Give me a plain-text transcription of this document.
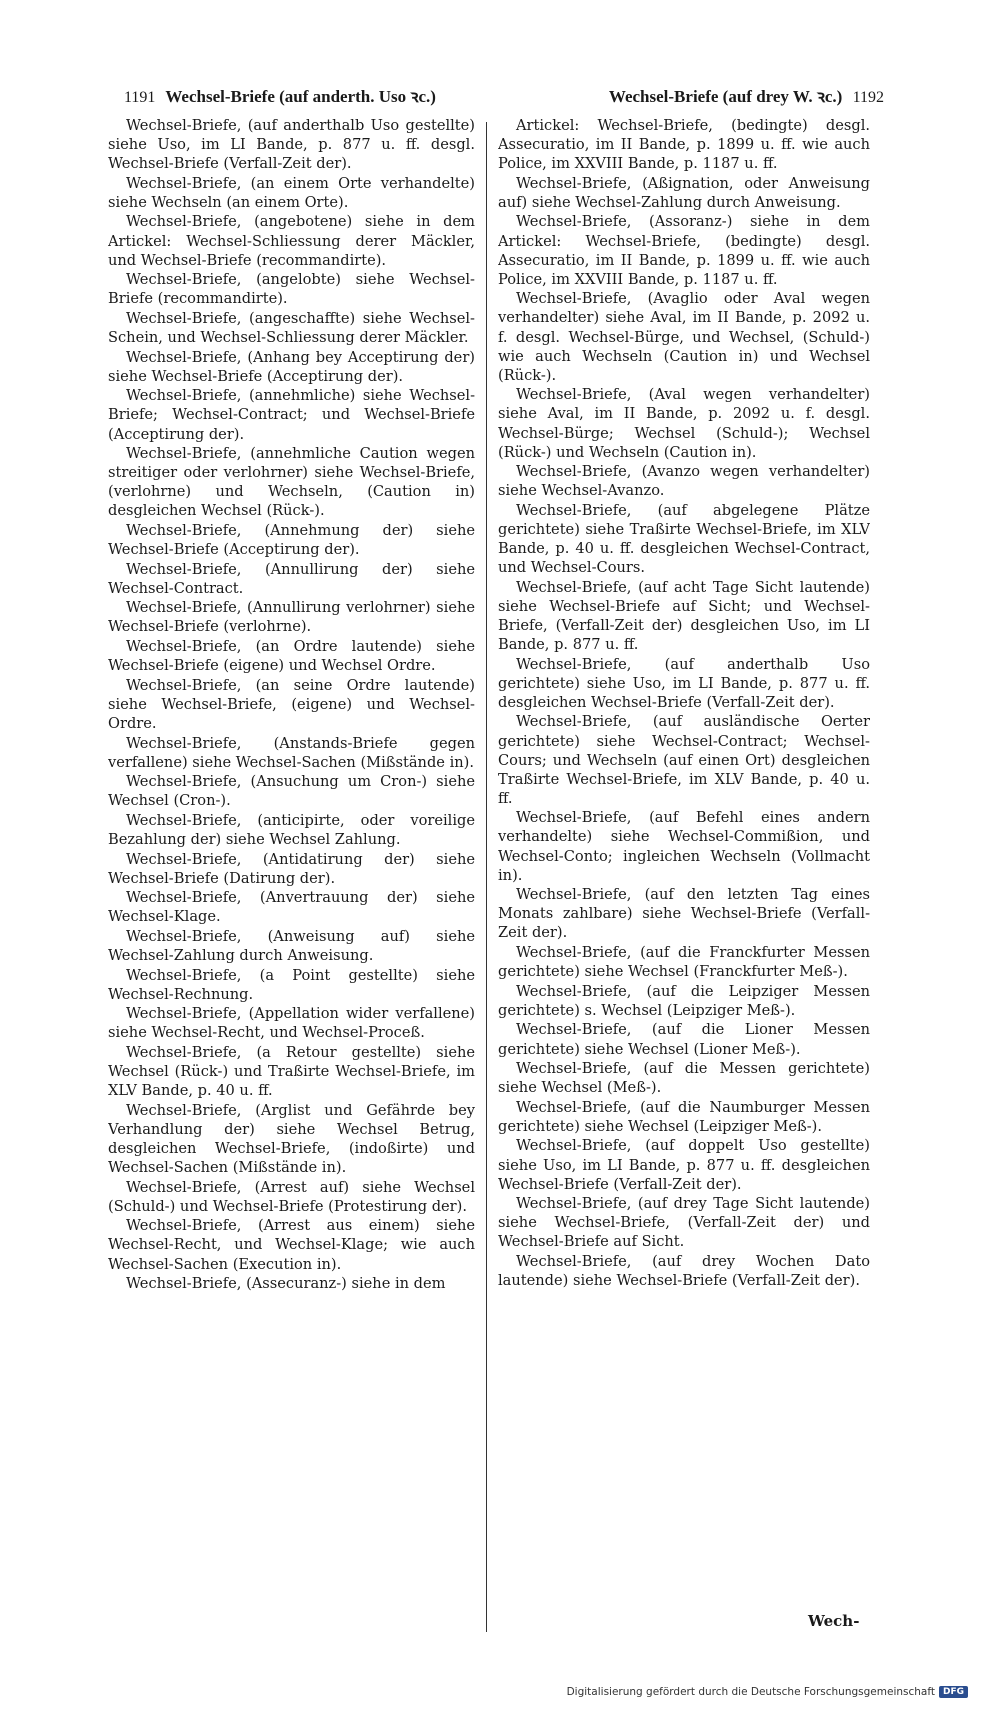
1191 Wechsel-Briefe (auf anderth. Uso ꝛc.)	Wechsel-Briefe (auf drey W. ꝛc.) 1192

Wechsel-Briefe, (auf anderthalb Uso gestellte) siehe Uso, im LI Bande, p. 877 u. ff. desgl. Wechsel-Briefe (Verfall-Zeit der).

Wechsel-Briefe, (an einem Orte verhandelte) siehe Wechseln (an einem Orte).

Wechsel-Briefe, (angebotene) siehe in dem Artickel: Wechsel-Schliessung derer Mäckler, und Wechsel-Briefe (recommandirte).

Wechsel-Briefe, (angelobte) siehe Wechsel-Briefe (recommandirte).

Wechsel-Briefe, (angeschaffte) siehe Wechsel-Schein, und Wechsel-Schliessung derer Mäckler.

Wechsel-Briefe, (Anhang bey Acceptirung der) siehe Wechsel-Briefe (Acceptirung der).

Wechsel-Briefe, (annehmliche) siehe Wechsel-Briefe; Wechsel-Contract; und Wechsel-Briefe (Acceptirung der).

Wechsel-Briefe, (annehmliche Caution wegen streitiger oder verlohrner) siehe Wechsel-Briefe, (verlohrne) und Wechseln, (Caution in) desgleichen Wechsel (Rück-).

Wechsel-Briefe, (Annehmung der) siehe Wechsel-Briefe (Acceptirung der).

Wechsel-Briefe, (Annullirung der) siehe Wechsel-Contract.

Wechsel-Briefe, (Annullirung verlohrner) siehe Wechsel-Briefe (verlohrne).

Wechsel-Briefe, (an Ordre lautende) siehe Wechsel-Briefe (eigene) und Wechsel Ordre.

Wechsel-Briefe, (an seine Ordre lautende) siehe Wechsel-Briefe, (eigene) und Wechsel-Ordre.

Wechsel-Briefe, (Anstands-Briefe gegen verfallene) siehe Wechsel-Sachen (Mißstände in).

Wechsel-Briefe, (Ansuchung um Cron-) siehe Wechsel (Cron-).

Wechsel-Briefe, (anticipirte, oder voreilige Bezahlung der) siehe Wechsel Zahlung.

Wechsel-Briefe, (Antidatirung der) siehe Wechsel-Briefe (Datirung der).

Wechsel-Briefe, (Anvertrauung der) siehe Wechsel-Klage.

Wechsel-Briefe, (Anweisung auf) siehe Wechsel-Zahlung durch Anweisung.

Wechsel-Briefe, (a Point gestellte) siehe Wechsel-Rechnung.

Wechsel-Briefe, (Appellation wider verfallene) siehe Wechsel-Recht, und Wechsel-Proceß.

Wechsel-Briefe, (a Retour gestellte) siehe Wechsel (Rück-) und Traßirte Wechsel-Briefe, im XLV Bande, p. 40 u. ff.

Wechsel-Briefe, (Arglist und Gefährde bey Verhandlung der) siehe Wechsel Betrug, desgleichen Wechsel-Briefe, (indoßirte) und Wechsel-Sachen (Mißstände in).

Wechsel-Briefe, (Arrest auf) siehe Wechsel (Schuld-) und Wechsel-Briefe (Protestirung der).

Wechsel-Briefe, (Arrest aus einem) siehe Wechsel-Recht, und Wechsel-Klage; wie auch Wechsel-Sachen (Execution in).

Wechsel-Briefe, (Assecuranz-) siehe in dem

Artickel: Wechsel-Briefe, (bedingte) desgl. Assecuratio, im II Bande, p. 1899 u. ff. wie auch Police, im XXVIII Bande, p. 1187 u. ff.

Wechsel-Briefe, (Aßignation, oder Anweisung auf) siehe Wechsel-Zahlung durch Anweisung.

Wechsel-Briefe, (Assoranz-) siehe in dem Artickel: Wechsel-Briefe, (bedingte) desgl. Assecuratio, im II Bande, p. 1899 u. ff. wie auch Police, im XXVIII Bande, p. 1187 u. ff.

Wechsel-Briefe, (Avaglio oder Aval wegen verhandelter) siehe Aval, im II Bande, p. 2092 u. f. desgl. Wechsel-Bürge, und Wechsel, (Schuld-) wie auch Wechseln (Caution in) und Wechsel (Rück-).

Wechsel-Briefe, (Aval wegen verhandelter) siehe Aval, im II Bande, p. 2092 u. f. desgl. Wechsel-Bürge; Wechsel (Schuld-); Wechsel (Rück-) und Wechseln (Caution in).

Wechsel-Briefe, (Avanzo wegen verhandelter) siehe Wechsel-Avanzo.

Wechsel-Briefe, (auf abgelegene Plätze gerichtete) siehe Traßirte Wechsel-Briefe, im XLV Bande, p. 40 u. ff. desgleichen Wechsel-Contract, und Wechsel-Cours.

Wechsel-Briefe, (auf acht Tage Sicht lautende) siehe Wechsel-Briefe auf Sicht; und Wechsel-Briefe, (Verfall-Zeit der) desgleichen Uso, im LI Bande, p. 877 u. ff.

Wechsel-Briefe, (auf anderthalb Uso gerichtete) siehe Uso, im LI Bande, p. 877 u. ff. desgleichen Wechsel-Briefe (Verfall-Zeit der).

Wechsel-Briefe, (auf ausländische Oerter gerichtete) siehe Wechsel-Contract; Wechsel-Cours; und Wechseln (auf einen Ort) desgleichen Traßirte Wechsel-Briefe, im XLV Bande, p. 40 u. ff.

Wechsel-Briefe, (auf Befehl eines andern verhandelte) siehe Wechsel-Commißion, und Wechsel-Conto; ingleichen Wechseln (Vollmacht in).

Wechsel-Briefe, (auf den letzten Tag eines Monats zahlbare) siehe Wechsel-Briefe (Verfall-Zeit der).

Wechsel-Briefe, (auf die Franckfurter Messen gerichtete) siehe Wechsel (Franckfurter Meß-).

Wechsel-Briefe, (auf die Leipziger Messen gerichtete) s. Wechsel (Leipziger Meß-).

Wechsel-Briefe, (auf die Lioner Messen gerichtete) siehe Wechsel (Lioner Meß-).

Wechsel-Briefe, (auf die Messen gerichtete) siehe Wechsel (Meß-).

Wechsel-Briefe, (auf die Naumburger Messen gerichtete) siehe Wechsel (Leipziger Meß-).

Wechsel-Briefe, (auf doppelt Uso gestellte) siehe Uso, im LI Bande, p. 877 u. ff. desgleichen Wechsel-Briefe (Verfall-Zeit der).

Wechsel-Briefe, (auf drey Tage Sicht lautende) siehe Wechsel-Briefe, (Verfall-Zeit der) und Wechsel-Briefe auf Sicht.

Wechsel-Briefe, (auf drey Wochen Dato lautende) siehe Wechsel-Briefe (Verfall-Zeit der).

Wech-
Digitalisierung gefördert durch die Deutsche Forschungsgemeinschaft DFG
